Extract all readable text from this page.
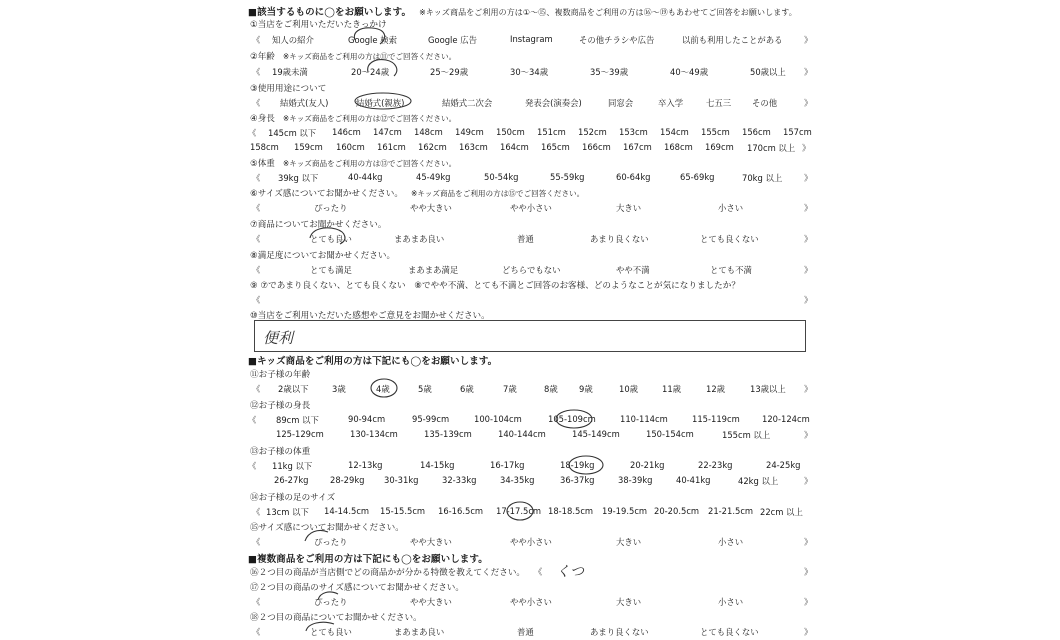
■該当するものに◯をお願いします。 ※キッズ商品をご利用の方は①〜⑮、複数商品をご利用の方は⑯〜⑲もあわせてご回答をお願いします。
①当店をご利用いただいたきっかけ
《 知人の紹介	Google 検索	Google 広告	Instagram	その他チラシや広告	以前も利用したことがある	》
②年齢 ※キッズ商品をご利用の方は⑪でご回答ください。
《 19歳未満	20〜24歳	25〜29歳	30〜34歳	35〜39歳	40〜49歳	50歳以上 》
③使用用途について
《 結婚式(友人)	結婚式(親族)	結婚式二次会	発表会(演奏会)	同窓会	卒入学	七五三 その他	》
④身長 ※キッズ商品をご利用の方は⑫でご回答ください。
《 145cm 以下 146cm 147cm 148cm 149cm 150cm 151cm 152cm 153cm 154cm 155cm 156cm 157cm
158cm 159cm 160cm 161cm 162cm 163cm 164cm 165cm 166cm 167cm 168cm 169cm 170cm 以上 》
⑤体重 ※キッズ商品をご利用の方は⑬でご回答ください。
《 39kg 以下	40-44kg	45-49kg	50-54kg	55-59kg	60-64kg	65-69kg	70kg 以上	》
⑥サイズ感についてお聞かせください。 ※キッズ商品をご利用の方は⑮でご回答ください。
《	ぴったり	やや大きい	やや小さい	大きい	小さい	》
⑦商品についてお聞かせください。
《	とても良い	まあまあ良い	普通	あまり良くない	とても良くない	》
⑧満足度についてお聞かせください。
《	とても満足	まあまあ満足	どちらでもない	やや不満	とても不満	》
⑨ ⑦であまり良くない、とても良くない　⑧でやや不満、とても不満とご回答のお客様、どのようなことが気になりましたか？
《	》
⑩当店をご利用いただいた感想やご意見をお聞かせください。
便利
■キッズ商品をご利用の方は下記にも◯をお願いします。
⑪お子様の年齢
《 2歳以下	3歳	4歳	5歳	6歳	7歳	8歳	9歳	10歳	11歳	12歳	13歳以上 》
⑫お子様の身長
《 89cm 以下	90-94cm	95-99cm	100-104cm	105-109cm	110-114cm	115-119cm	120-124cm
125-129cm	130-134cm	135-139cm	140-144cm	145-149cm	150-154cm	155cm 以上	》
⑬お子様の体重
《 11kg 以下	12-13kg	14-15kg	16-17kg	18-19kg	20-21kg	22-23kg	24-25kg
26-27kg	28-29kg 30-31kg	32-33kg	34-35kg	36-37kg	38-39kg	40-41kg	42kg 以上	》
⑭お子様の足のサイズ
《 13cm 以下 14-14.5cm 15-15.5cm 16-16.5cm 17-17.5cm 18-18.5cm 19-19.5cm 20-20.5cm 21-21.5cm 22cm 以上
⑮サイズ感についてお聞かせください。
《	ぴったり	やや大きい	やや小さい	大きい	小さい	》
■複数商品をご利用の方は下記にも◯をお願いします。
⑯２つ目の商品が当店側でどの商品かが分かる特徴を教えてください。 《 くつ	》
⑰２つ目の商品のサイズ感についてお聞かせください。
《	ぴったり	やや大きい	やや小さい	大きい	小さい	》
⑱２つ目の商品についてお聞かせください。
《	とても良い	まあまあ良い	普通	あまり良くない	とても良くない	》
